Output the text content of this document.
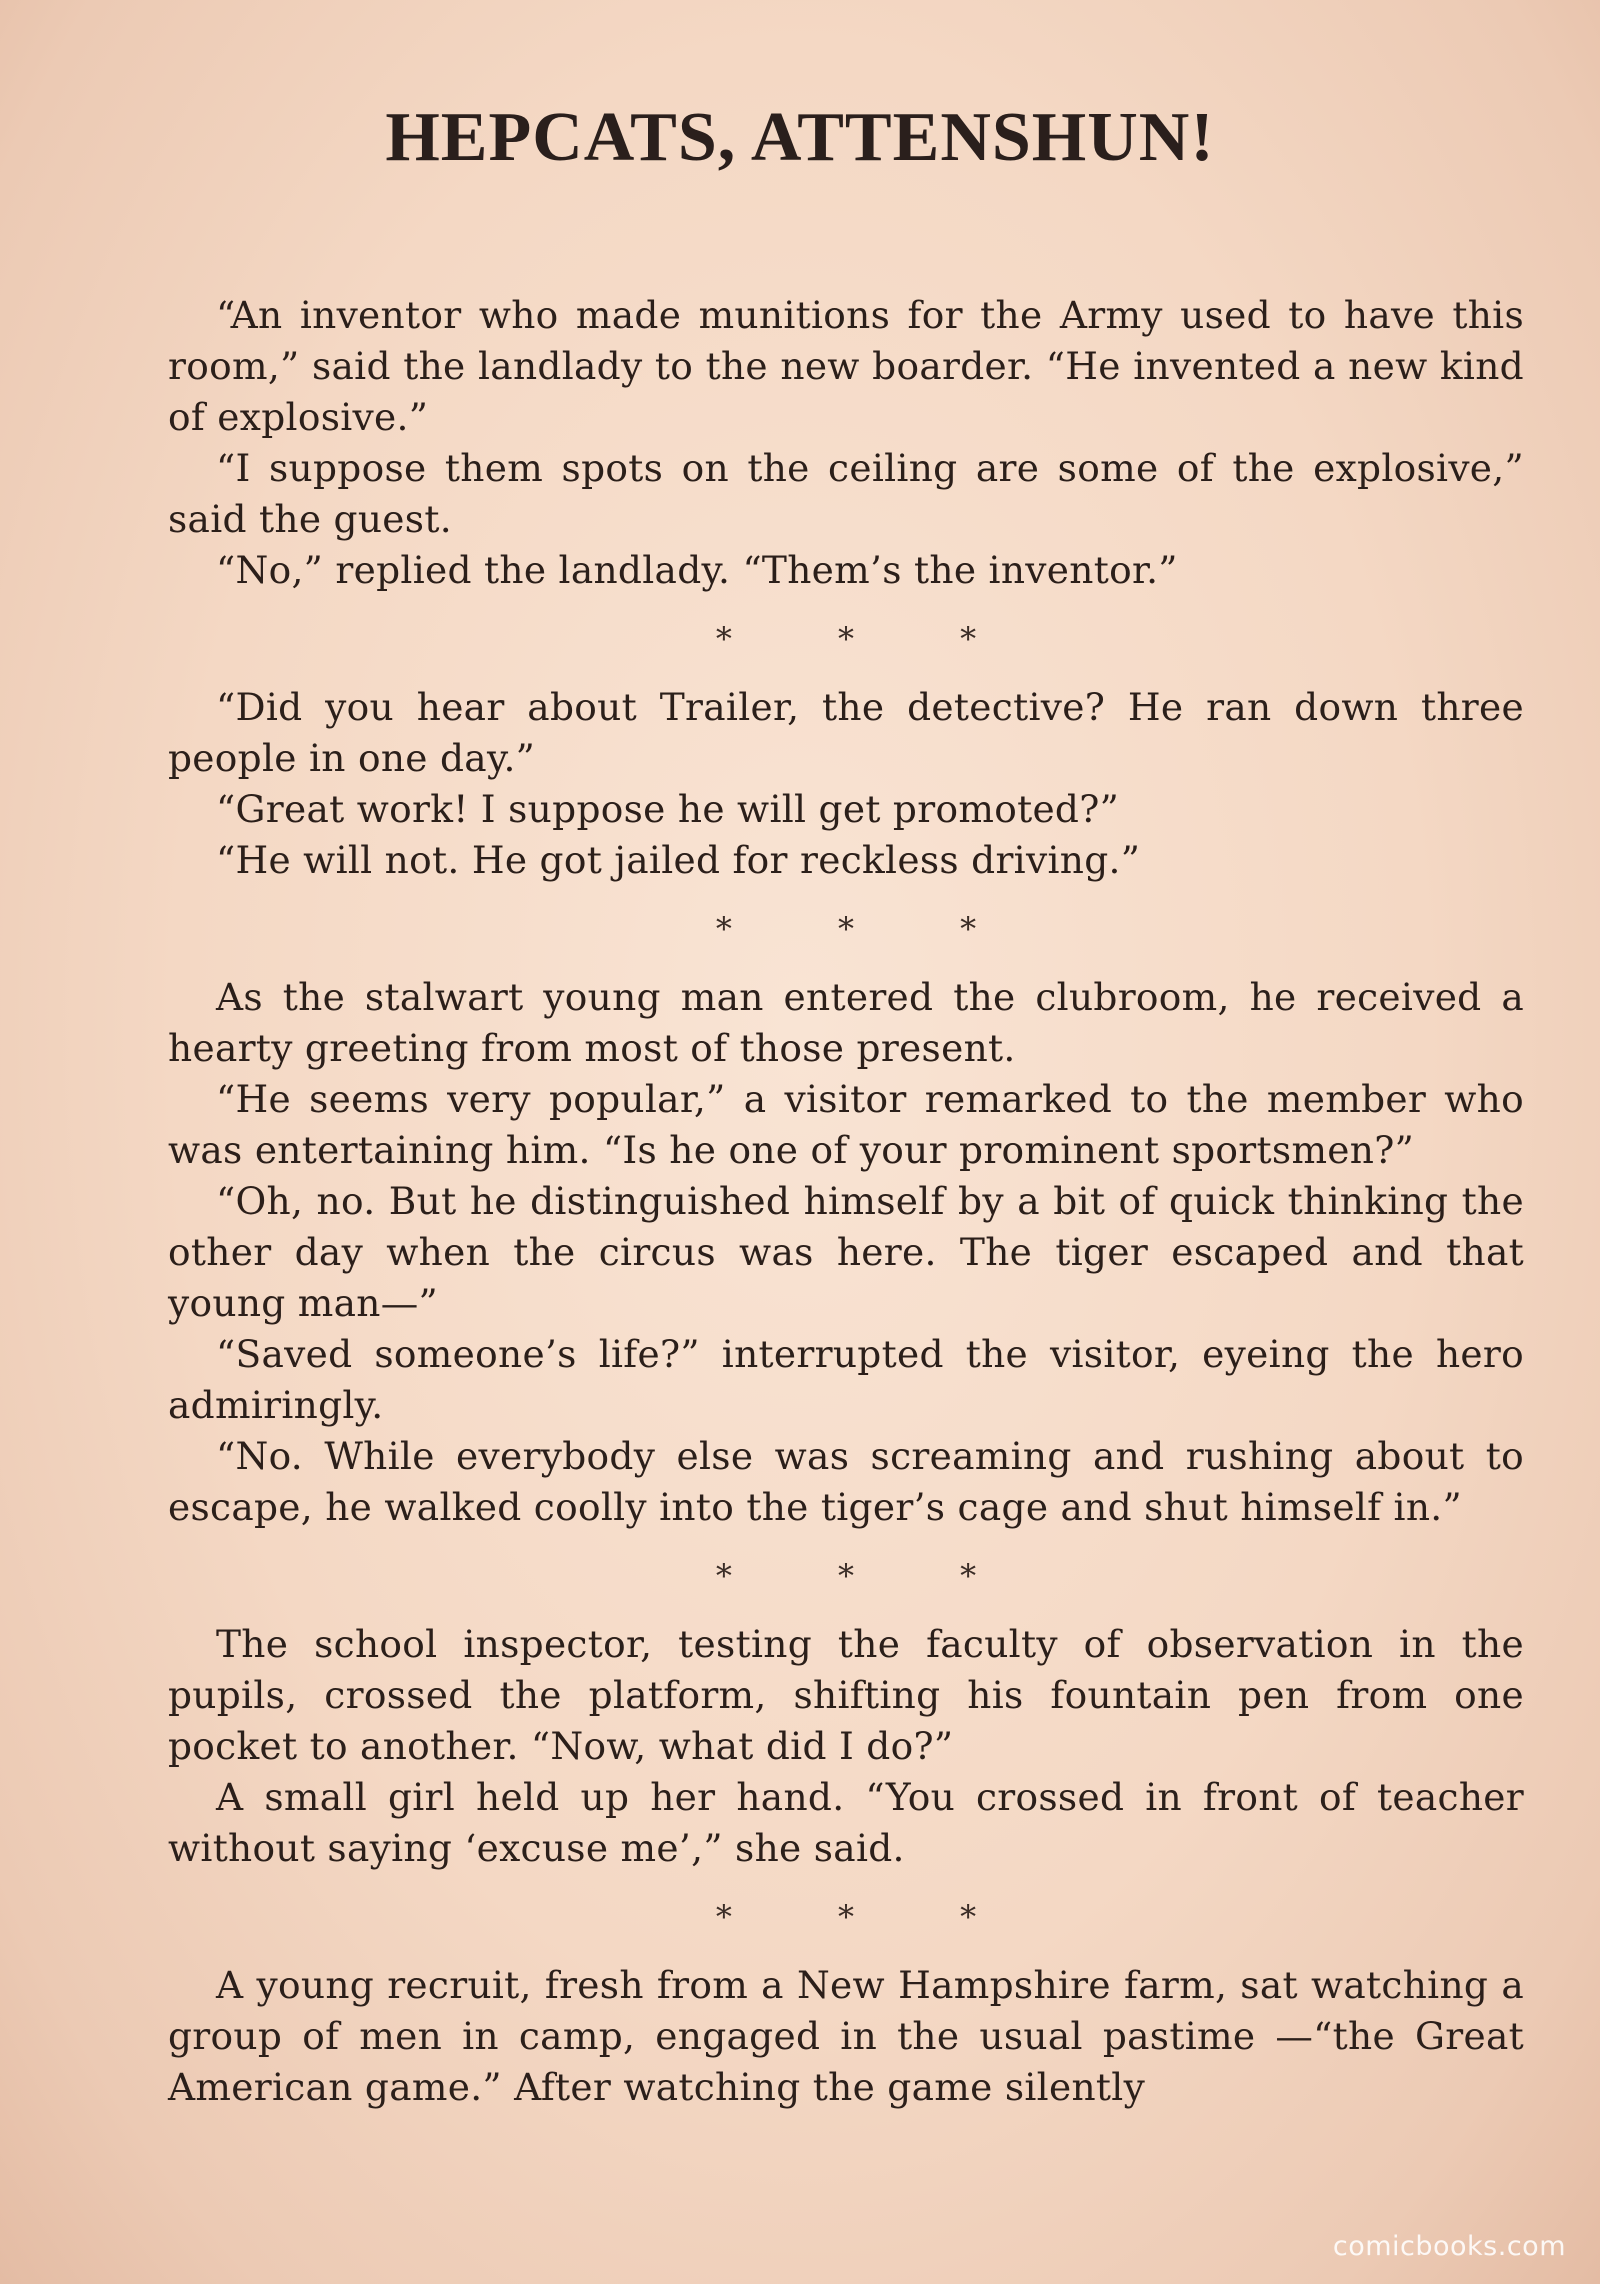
HEPCATS, ATTENSHUN!

“An inventor who made munitions for the Army used to have this room,” said the landlady to the new boarder. “He invented a new kind of explosive.”

“I suppose them spots on the ceiling are some of the explosive,” said the guest.

“No,” replied the landlady. “Them’s the inventor.”

* * *

“Did you hear about Trailer, the detective? He ran down three people in one day.”

“Great work! I suppose he will get promoted?”

“He will not. He got jailed for reckless driving.”

* * *

As the stalwart young man entered the clubroom, he received a hearty greeting from most of those present.

“He seems very popular,” a visitor remarked to the member who was entertaining him. “Is he one of your prominent sportsmen?”

“Oh, no. But he distinguished himself by a bit of quick thinking the other day when the circus was here. The tiger escaped and that young man—”

“Saved someone’s life?” interrupted the visitor, eyeing the hero admiringly.

“No. While everybody else was screaming and rushing about to escape, he walked coolly into the tiger’s cage and shut himself in.”

* * *

The school inspector, testing the faculty of observation in the pupils, crossed the platform, shifting his fountain pen from one pocket to another. “Now, what did I do?”

A small girl held up her hand. “You crossed in front of teacher without saying ‘excuse me’,” she said.

* * *

A young recruit, fresh from a New Hampshire farm, sat watching a group of men in camp, engaged in the usual pastime —“the Great American game.” After watching the game silently

comicbooks.com
